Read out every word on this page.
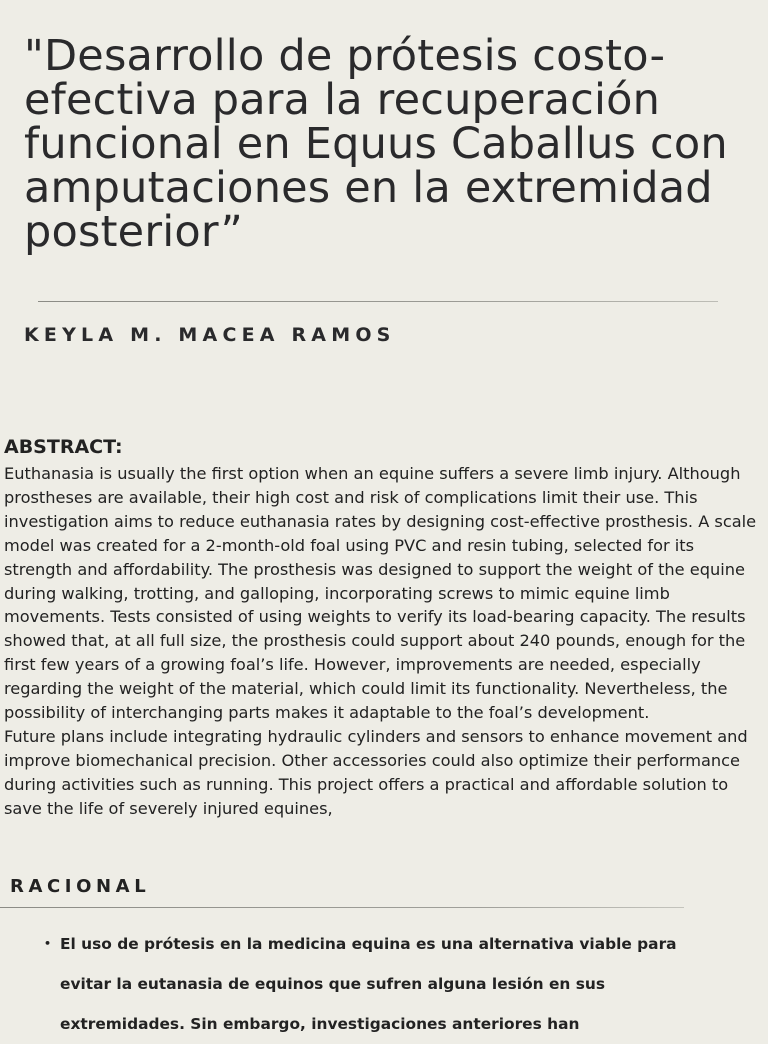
"Desarrollo de prótesis costo-efectiva para la recuperación funcional en Equus Caballus con amputaciones en la extremidad posterior”

KEYLA M. MACEA RAMOS

ABSTRACT:

Euthanasia is usually the first option when an equine suffers a severe limb injury. Although prostheses are available, their high cost and risk of complications limit their use. This investigation aims to reduce euthanasia rates by designing cost-effective prosthesis. A scale model was created for a 2-month-old foal using PVC and resin tubing, selected for its strength and affordability. The prosthesis was designed to support the weight of the equine during walking, trotting, and galloping, incorporating screws to mimic equine limb movements. Tests consisted of using weights to verify its load-bearing capacity. The results showed that, at all full size, the prosthesis could support about 240 pounds, enough for the first few years of a growing foal’s life. However, improvements are needed, especially regarding the weight of the material, which could limit its functionality. Nevertheless, the possibility of interchanging parts makes it adaptable to the foal’s development.

Future plans include integrating hydraulic cylinders and sensors to enhance movement and improve biomechanical precision. Other accessories could also optimize their performance during activities such as running. This project offers a practical and affordable solution to save the life of severely injured equines,

RACIONAL
• El uso de prótesis en la medicina equina es una alternativa viable para evitar la eutanasia de equinos que sufren alguna lesión en sus extremidades. Sin embargo, investigaciones anteriores han
